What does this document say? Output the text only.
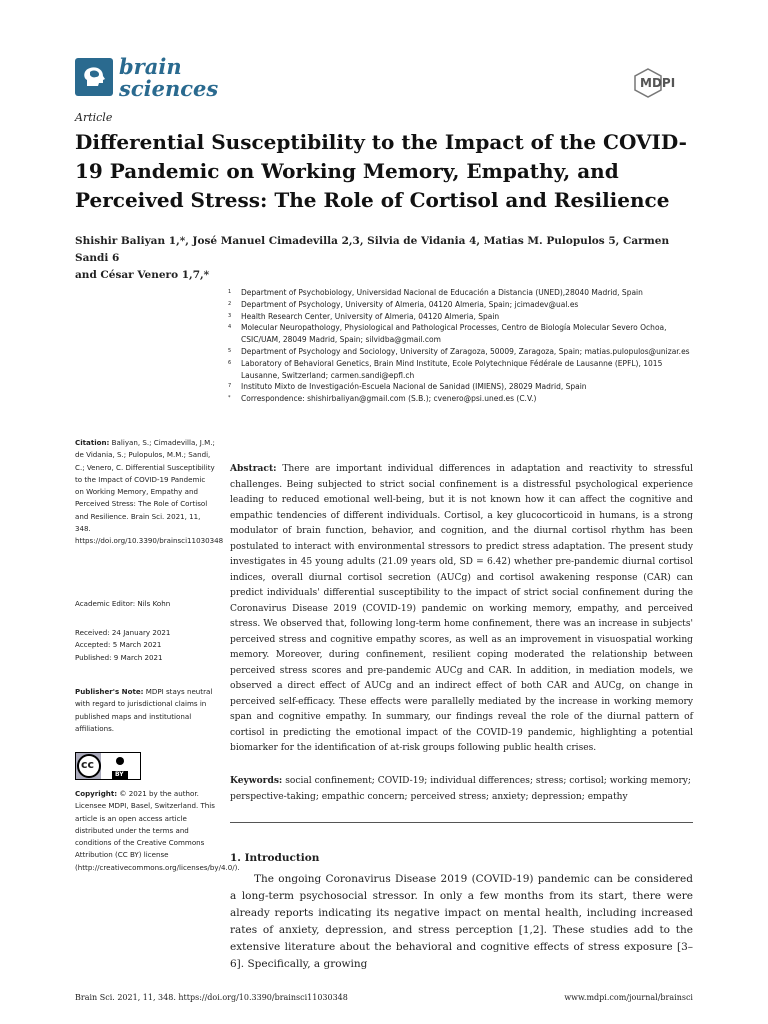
brain
sciences	MDPI
Article
Differential Susceptibility to the Impact of the COVID-19 Pandemic on Working Memory, Empathy, and Perceived Stress: The Role of Cortisol and Resilience
Shishir Baliyan 1,*, José Manuel Cimadevilla 2,3, Silvia de Vidania 4, Matias M. Pulopulos 5, Carmen Sandi 6
and César Venero 1,7,*
1	Department of Psychobiology, Universidad Nacional de Educación a Distancia (UNED),28040 Madrid, Spain
2	Department of Psychology, University of Almeria, 04120 Almeria, Spain; jcimadev@ual.es
3	Health Research Center, University of Almeria, 04120 Almeria, Spain
4	Molecular Neuropathology, Physiological and Pathological Processes, Centro de Biología Molecular Severo Ochoa, CSIC/UAM, 28049 Madrid, Spain; silvidba@gmail.com
5	Department of Psychology and Sociology, University of Zaragoza, 50009, Zaragoza, Spain; matias.pulopulos@unizar.es
6	Laboratory of Behavioral Genetics, Brain Mind Institute, Ecole Polytechnique Fédérale de Lausanne (EPFL), 1015 Lausanne, Switzerland; carmen.sandi@epfl.ch
7	Instituto Mixto de Investigación-Escuela Nacional de Sanidad (IMIENS), 28029 Madrid, Spain
*	Correspondence: shishirbaliyan@gmail.com (S.B.); cvenero@psi.uned.es (C.V.)
Citation: Baliyan, S.; Cimadevilla, J.M.; de Vidania, S.; Pulopulos, M.M.; Sandi, C.; Venero, C. Differential Susceptibility to the Impact of COVID-19 Pandemic on Working Memory, Empathy and Perceived Stress: The Role of Cortisol and Resilience. Brain Sci. 2021, 11, 348. https://doi.org/10.3390/brainsci11030348
Academic Editor: Nils Kohn
Received: 24 January 2021
Accepted: 5 March 2021
Published: 9 March 2021
Publisher's Note: MDPI stays neutral with regard to jurisdictional claims in published maps and institutional affiliations.
cc
BY
Copyright: © 2021 by the author. Licensee MDPI, Basel, Switzerland. This article is an open access article distributed under the terms and conditions of the Creative Commons Attribution (CC BY) license (http://creativecommons.org/licenses/by/4.0/).
Abstract: There are important individual differences in adaptation and reactivity to stressful challenges. Being subjected to strict social confinement is a distressful psychological experience leading to reduced emotional well-being, but it is not known how it can affect the cognitive and empathic tendencies of different individuals. Cortisol, a key glucocorticoid in humans, is a strong modulator of brain function, behavior, and cognition, and the diurnal cortisol rhythm has been postulated to interact with environmental stressors to predict stress adaptation. The present study investigates in 45 young adults (21.09 years old, SD = 6.42) whether pre-pandemic diurnal cortisol indices, overall diurnal cortisol secretion (AUCg) and cortisol awakening response (CAR) can predict individuals' differential susceptibility to the impact of strict social confinement during the Coronavirus Disease 2019 (COVID-19) pandemic on working memory, empathy, and perceived stress. We observed that, following long-term home confinement, there was an increase in subjects' perceived stress and cognitive empathy scores, as well as an improvement in visuospatial working memory. Moreover, during confinement, resilient coping moderated the relationship between perceived stress scores and pre-pandemic AUCg and CAR. In addition, in mediation models, we observed a direct effect of AUCg and an indirect effect of both CAR and AUCg, on change in perceived self-efficacy. These effects were parallelly mediated by the increase in working memory span and cognitive empathy. In summary, our findings reveal the role of the diurnal pattern of cortisol in predicting the emotional impact of the COVID-19 pandemic, highlighting a potential biomarker for the identification of at-risk groups following public health crises.
Keywords: social confinement; COVID-19; individual differences; stress; cortisol; working memory; perspective-taking; empathic concern; perceived stress; anxiety; depression; empathy
1. Introduction

The ongoing Coronavirus Disease 2019 (COVID-19) pandemic can be considered a long-term psychosocial stressor. In only a few months from its start, there were already reports indicating its negative impact on mental health, including increased rates of anxiety, depression, and stress perception [1,2]. These studies add to the extensive literature about the behavioral and cognitive effects of stress exposure [3–6]. Specifically, a growing

Brain Sci. 2021, 11, 348. https://doi.org/10.3390/brainsci11030348	www.mdpi.com/journal/brainsci
